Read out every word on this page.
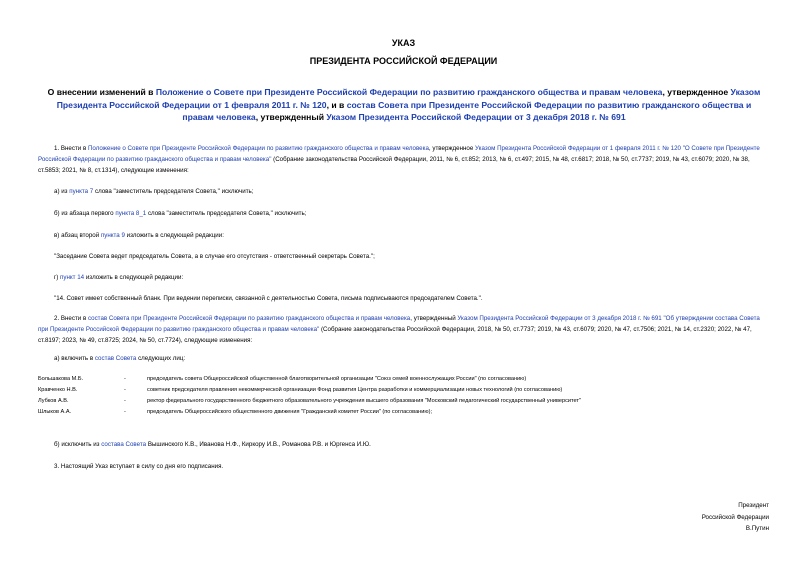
УКАЗ
ПРЕЗИДЕНТА РОССИЙСКОЙ ФЕДЕРАЦИИ
О внесении изменений в Положение о Совете при Президенте Российской Федерации по развитию гражданского общества и правам человека, утвержденное Указом Президента Российской Федерации от 1 февраля 2011 г. № 120, и в состав Совета при Президенте Российской Федерации по развитию гражданского общества и правам человека, утвержденный Указом Президента Российской Федерации от 3 декабря 2018 г. № 691
1. Внести в Положение о Совете при Президенте Российской Федерации по развитию гражданского общества и правам человека, утвержденное Указом Президента Российской Федерации от 1 февраля 2011 г. № 120 "О Совете при Президенте Российской Федерации по развитию гражданского общества и правам человека" (Собрание законодательства Российской Федерации, 2011, № 6, ст.852; 2013, № 6, ст.497; 2015, № 48, ст.6817; 2018, № 50, ст.7737; 2019, № 43, ст.6079; 2020, № 38, ст.5853; 2021, № 8, ст.1314), следующие изменения:
а) из пункта 7 слова "заместитель председателя Совета," исключить;
б) из абзаца первого пункта 8_1 слова "заместитель председателя Совета," исключить;
в) абзац второй пункта 9 изложить в следующей редакции:
"Заседание Совета ведет председатель Совета, а в случае его отсутствия - ответственный секретарь Совета.";
г) пункт 14 изложить в следующей редакции:
"14. Совет имеет собственный бланк. При ведении переписки, связанной с деятельностью Совета, письма подписываются председателем Совета.".
2. Внести в состав Совета при Президенте Российской Федерации по развитию гражданского общества и правам человека, утвержденный Указом Президента Российской Федерации от 3 декабря 2018 г. № 691 "Об утверждении состава Совета при Президенте Российской Федерации по развитию гражданского общества и правам человека" (Собрание законодательства Российской Федерации, 2018, № 50, ст.7737; 2019, № 43, ст.6079; 2020, № 47, ст.7506; 2021, № 14, ст.2320; 2022, № 47, ст.8197; 2023, № 49, ст.8725; 2024, № 50, ст.7724), следующие изменения:
а) включить в состав Совета следующих лиц:
Большакова М.Б.	-	председатель совета Общероссийской общественной благотворительной организации "Союз семей военнослужащих России" (по согласованию)
Кравченко Н.В.	-	советник председателя правления некоммерческой организации Фонд развития Центра разработки и коммерциализации новых технологий (по согласованию)
Лубков А.В.	-	ректор федерального государственного бюджетного образовательного учреждения высшего образования "Московский педагогический государственный университет"
Шлыков А.А.	-	председатель Общероссийского общественного движения "Гражданский комитет России" (по согласованию);
б) исключить из состава Совета Вышинского К.В., Иванова Н.Ф., Киркору И.В., Романова Р.В. и Юргенса И.Ю.
3. Настоящий Указ вступает в силу со дня его подписания.
Президент
Российской Федерации
В.Путин
